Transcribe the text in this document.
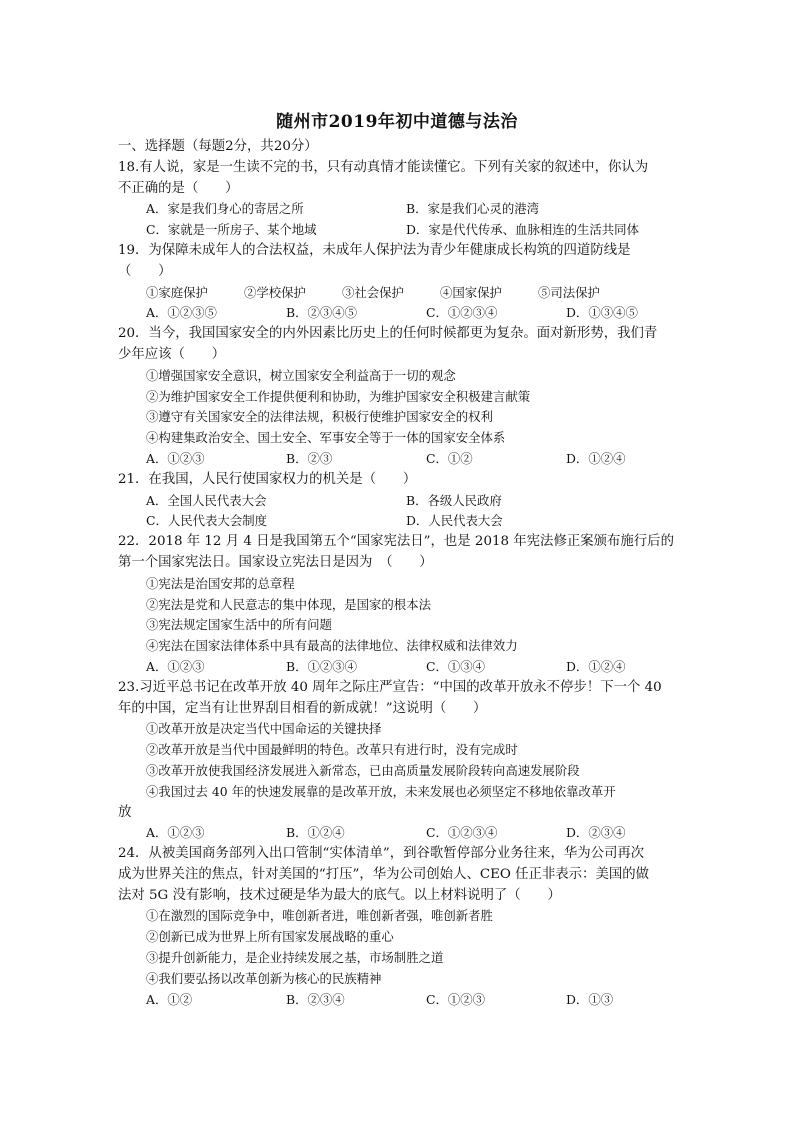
随州市2019年初中道德与法治
一、选择题（每题2分，共20分）
18.有人说，家是一生读不完的书，只有动真情才能读懂它。下列有关家的叙述中，你认为
不正确的是（　　）
A．家是我们身心的寄居之所	B．家是我们心灵的港湾
C．家就是一所房子、某个地域	D．家是代代传承、血脉相连的生活共同体
19．为保障未成年人的合法权益，未成年人保护法为青少年健康成长构筑的四道防线是
（　　）
①家庭保护	②学校保护	③社会保护	④国家保护	⑤司法保护
A．①②③⑤	B．②③④⑤	C．①②③④	D．①③④⑤
20．当今，我国国家安全的内外因素比历史上的任何时候都更为复杂。面对新形势，我们青
少年应该（　　）
①增强国家安全意识，树立国家安全利益高于一切的观念
②为维护国家安全工作提供便利和协助，为维护国家安全积极建言献策
③遵守有关国家安全的法律法规，积极行使维护国家安全的权利
④构建集政治安全、国土安全、军事安全等于一体的国家安全体系
A．①②③	B．②③	C．①②	D．①②④
21．在我国，人民行使国家权力的机关是（　　）
A．全国人民代表大会	B．各级人民政府
C．人民代表大会制度	D．人民代表大会
22．2018 年 12 月 4 日是我国第五个“国家宪法日”，也是 2018 年宪法修正案颁布施行后的
第一个国家宪法日。国家设立宪法日是因为　（　　）
①宪法是治国安邦的总章程
②宪法是党和人民意志的集中体现，是国家的根本法
③宪法规定国家生活中的所有问题
④宪法在国家法律体系中具有最高的法律地位、法律权威和法律效力
A．①②③	B．①②③④	C．①③④	D．①②④
23.习近平总书记在改革开放 40 周年之际庄严宣告：“中国的改革开放永不停步！下一个 40
年的中国，定当有让世界刮目相看的新成就！”这说明（　　）
①改革开放是决定当代中国命运的关键抉择
②改革开放是当代中国最鲜明的特色。改革只有进行时，没有完成时
③改革开放使我国经济发展进入新常态，已由高质量发展阶段转向高速发展阶段
④我国过去 40 年的快速发展靠的是改革开放，未来发展也必须坚定不移地依靠改革开
放
A．①②③	B．①②④	C．①②③④	D．②③④
24．从被美国商务部列入出口管制“实体清单”，到谷歌暂停部分业务往来，华为公司再次
成为世界关注的焦点，针对美国的“打压”，华为公司创始人、CEO 任正非表示：美国的做
法对 5G 没有影响，技术过硬是华为最大的底气。以上材料说明了（　　）
①在激烈的国际竞争中，唯创新者进，唯创新者强，唯创新者胜
②创新已成为世界上所有国家发展战略的重心
③提升创新能力，是企业持续发展之基，市场制胜之道
④我们要弘扬以改革创新为核心的民族精神
A．①②	B．②③④	C．①②③	D．①③
